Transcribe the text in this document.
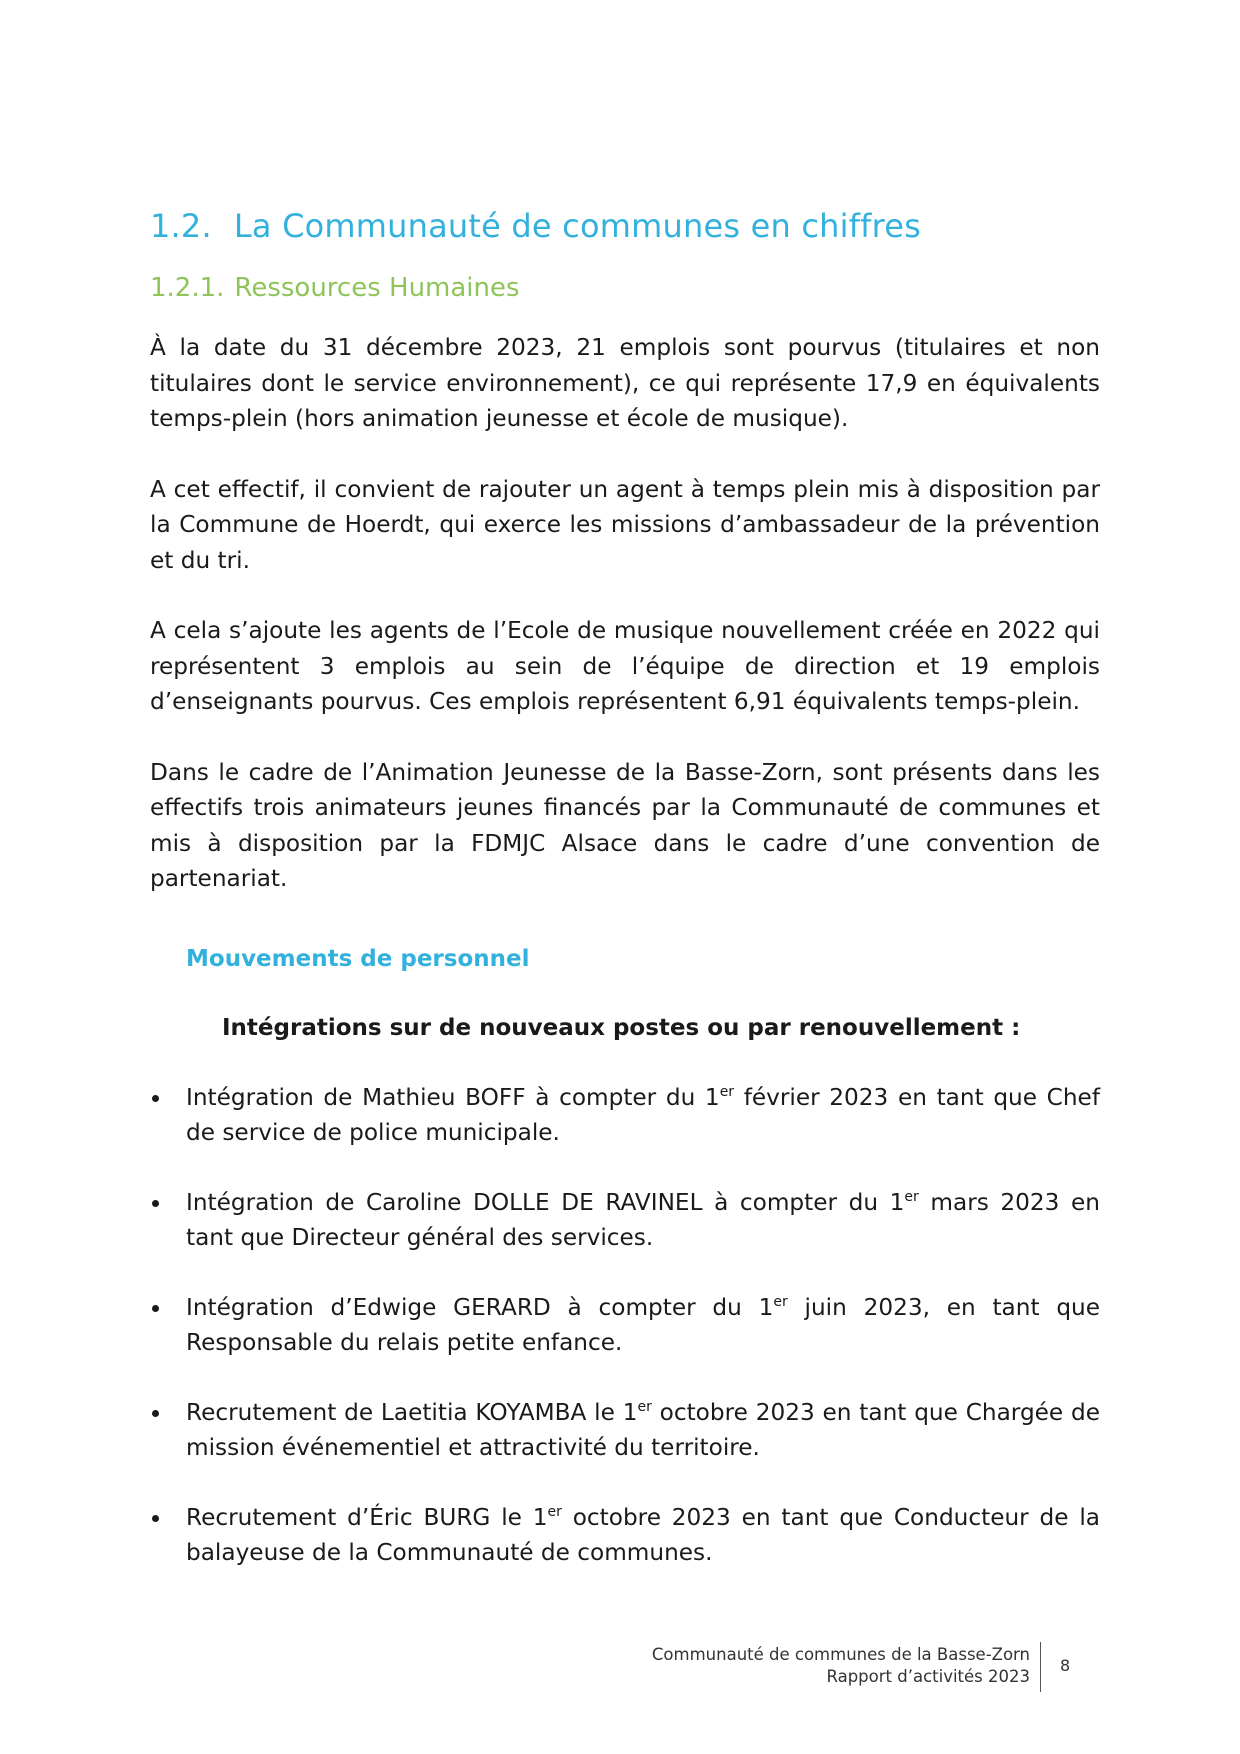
1.2. La Communauté de communes en chiffres
1.2.1. Ressources Humaines

À la date du 31 décembre 2023, 21 emplois sont pourvus (titulaires et non titulaires dont le service environnement), ce qui représente 17,9 en équivalents temps-plein (hors animation jeunesse et école de musique).

A cet effectif, il convient de rajouter un agent à temps plein mis à disposition par la Commune de Hoerdt, qui exerce les missions d’ambassadeur de la prévention et du tri.

A cela s’ajoute les agents de l’Ecole de musique nouvellement créée en 2022 qui représentent 3 emplois au sein de l’équipe de direction et 19 emplois d’enseignants pourvus. Ces emplois représentent 6,91 équivalents temps-plein.

Dans le cadre de l’Animation Jeunesse de la Basse-Zorn, sont présents dans les effectifs trois animateurs jeunes financés par la Communauté de communes et mis à disposition par la FDMJC Alsace dans le cadre d’une convention de partenariat.

Mouvements de personnel
Intégrations sur de nouveaux postes ou par renouvellement :
Intégration de Mathieu BOFF à compter du 1er février 2023 en tant que Chef de service de police municipale.
Intégration de Caroline DOLLE DE RAVINEL à compter du 1er mars 2023 en tant que Directeur général des services.
Intégration d’Edwige GERARD à compter du 1er juin 2023, en tant que Responsable du relais petite enfance.
Recrutement de Laetitia KOYAMBA le 1er octobre 2023 en tant que Chargée de mission événementiel et attractivité du territoire.
Recrutement d’Éric BURG le 1er octobre 2023 en tant que Conducteur de la balayeuse de la Communauté de communes.
Communauté de communes de la Basse-Zorn
Rapport d’activités 2023
8
